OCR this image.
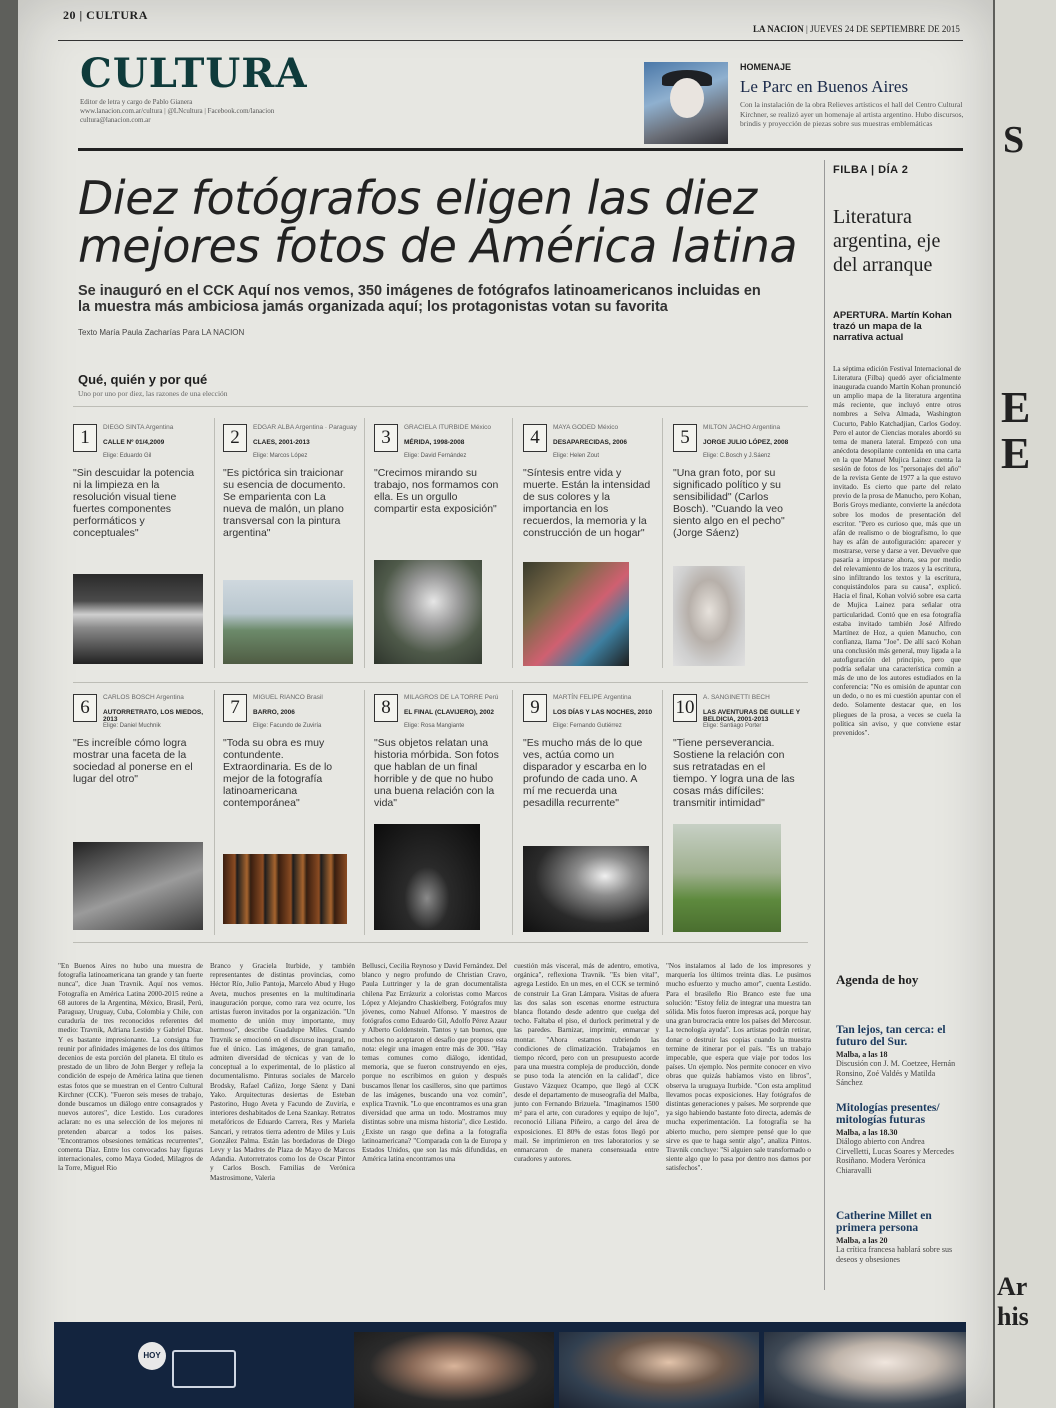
S
E
E
Ar
his
20 | CULTURA
LA NACION | JUEVES 24 DE SEPTIEMBRE DE 2015
CULTURA
Editor de letra y cargo de Pablo Gianera
www.lanacion.com.ar/cultura | @LNcultura | Facebook.com/lanacion
cultura@lanacion.com.ar
HOMENAJE
Le Parc en Buenos Aires
Con la instalación de la obra Relieves artísticos el hall del Centro Cultural Kirchner, se realizó ayer un homenaje al artista argentino. Hubo discursos, brindis y proyección de piezas sobre sus muestras emblemáticas
Diez fotógrafos eligen las diez mejores fotos de América latina
Se inauguró en el CCK Aquí nos vemos, 350 imágenes de fotógrafos latinoamericanos incluidas en la muestra más ambiciosa jamás organizada aquí; los protagonistas votan su favorita
Texto María Paula Zacharías Para LA NACION
Qué, quién y por qué
Uno por uno por diez, las razones de una elección
1	DIEGO SINTA Argentina
CALLE Nº 01/4,2009
Elige: Eduardo Gil
"Sin descuidar la potencia ni la limpieza en la resolución visual tiene fuertes componentes performáticos y conceptuales"
2	EDGAR ALBA Argentina · Paraguay
CLAES, 2001-2013
Elige: Marcos López
"Es pictórica sin traicionar su esencia de documento. Se emparienta con La nueva de malón, un plano transversal con la pintura argentina"
3	GRACIELA ITURBIDE México
MÉRIDA, 1998-2008
Elige: David Fernández
"Crecimos mirando su trabajo, nos formamos con ella. Es un orgullo compartir esta exposición"
4	MAYA GODED México
DESAPARECIDAS, 2006
Elige: Helen Zout
"Síntesis entre vida y muerte. Están la intensidad de sus colores y la importancia en los recuerdos, la memoria y la construcción de un hogar"
5	MILTON JACHO Argentina
JORGE JULIO LÓPEZ, 2008
Elige: C.Bosch y J.Sáenz
"Una gran foto, por su significado político y su sensibilidad" (Carlos Bosch). "Cuando la veo siento algo en el pecho" (Jorge Sáenz)
6	CARLOS BOSCH Argentina
AUTORRETRATO, LOS MIEDOS, 2013
Elige: Daniel Muchnik
"Es increíble cómo logra mostrar una faceta de la sociedad al ponerse en el lugar del otro"
7	MIGUEL RIANCO Brasil
BARRO, 2006
Elige: Facundo de Zuviría
"Toda su obra es muy contundente. Extraordinaria. Es de lo mejor de la fotografía latinoamericana contemporánea"
8	MILAGROS DE LA TORRE Perú
EL FINAL (CLAVIJERO), 2002
Elige: Rosa Mangiante
"Sus objetos relatan una historia mórbida. Son fotos que hablan de un final horrible y de que no hubo una buena relación con la vida"
9	MARTÍN FELIPE Argentina
LOS DÍAS Y LAS NOCHES, 2010
Elige: Fernando Gutiérrez
"Es mucho más de lo que ves, actúa como un disparador y escarba en lo profundo de cada uno. A mí me recuerda una pesadilla recurrente"
10	A. SANGINETTI BECH
LAS AVENTURAS DE GUILLE Y BELDICIA, 2001-2013
Elige: Santiago Porter
"Tiene perseverancia. Sostiene la relación con sus retratadas en el tiempo. Y logra una de las cosas más difíciles: transmitir intimidad"
"En Buenos Aires no hubo una muestra de fotografía latinoamericana tan grande y tan fuerte nunca", dice Juan Travnik. Aquí nos vemos. Fotografía en América Latina 2000-2015 reúne a 68 autores de la Argentina, México, Brasil, Perú, Paraguay, Uruguay, Cuba, Colombia y Chile, con curaduría de tres reconocidos referentes del medio: Travnik, Adriana Lestido y Gabriel Díaz. Y es bastante impresionante. La consigna fue reunir por afinidades imágenes de los dos últimos decenios de esta porción del planeta. El título es prestado de un libro de John Berger y refleja la condición de espejo de América latina que tienen estas fotos que se muestran en el Centro Cultural Kirchner (CCK). "Fueron seis meses de trabajo, donde buscamos un diálogo entre consagrados y nuevos autores", dice Lestido. Los curadores aclaran: no es una selección de los mejores ni pretenden abarcar a todos los países. "Encontramos obsesiones temáticas recurrentes", comenta Díaz. Entre los convocados hay figuras internacionales, como Maya Goded, Milagros de la Torre, Miguel Rio
Branco y Graciela Iturbide, y también representantes de distintas provincias, como Héctor Río, Julio Pantoja, Marcelo Abud y Hugo Aveta, muchos presentes en la multitudinaria inauguración porque, como rara vez ocurre, los artistas fueron invitados por la organización. "Un momento de unión muy importante, muy hermoso", describe Guadalupe Miles. Cuando Travnik se emocionó en el discurso inaugural, no fue el único. Las imágenes, de gran tamaño, admiten diversidad de técnicas y van de lo conceptual a lo experimental, de lo plástico al documentalismo. Pinturas sociales de Marcelo Brodsky, Rafael Cañizo, Jorge Sáenz y Dani Yako. Arquitecturas desiertas de Esteban Pastorino, Hugo Aveta y Facundo de Zuviría, e interiores deshabitados de Lena Szankay. Retratos metafóricos de Eduardo Carrera, Res y Mariela Sancari, y retratos tierra adentro de Miles y Luis González Palma. Están las bordadoras de Diego Levy y las Madres de Plaza de Mayo de Marcos Adandia. Autorretratos como los de Oscar Pintor y Carlos Bosch. Familias de Verónica Mastrosimone, Valeria
Bellusci, Cecilia Reynoso y David Fernández. Del blanco y negro profundo de Christian Cravo, Paula Luttringer y la de gran documentalista chilena Paz Errázuriz a coloristas como Marcos López y Alejandro Chaskielberg. Fotógrafos muy jóvenes, como Nahuel Alfonso. Y maestros de fotógrafos como Eduardo Gil, Adolfo Pérez Azaur y Alberto Goldenstein. Tantos y tan buenos, que muchos no aceptaron el desafío que propuso esta nota: elegir una imagen entre más de 300. "Hay temas comunes como diálogo, identidad, memoria, que se fueron construyendo en ejes, porque no escribimos en guion y después buscamos llenar los casilleros, sino que partimos de las imágenes, buscando una voz común", explica Travnik. "Lo que encontramos es una gran diversidad que arma un todo. Mostramos muy distintas sobre una misma historia", dice Lestido. ¿Existe un rasgo que defina a la fotografía latinoamericana? "Comparada con la de Europa y Estados Unidos, que son las más difundidas, en América latina encontramos una
cuestión más visceral, más de adentro, emotiva, orgánica", reflexiona Travnik. "Es bien vital", agrega Lestido. En un mes, en el CCK se terminó de construir La Gran Lámpara. Visitas de afuera las dos salas son escenas enorme estructura blanca flotando desde adentro que cuelga del techo. Faltaba el piso, el durlock perimetral y de las paredes. Barnizar, imprimir, enmarcar y montar. "Ahora estamos cubriendo las condiciones de climatización. Trabajamos en tiempo récord, pero con un presupuesto acorde para una muestra compleja de producción, donde se puso toda la atención en la calidad", dice Gustavo Vázquez Ocampo, que llegó al CCK desde el departamento de museografía del Malba, junto con Fernando Brizuela. "Imaginamos 1500 m² para el arte, con curadores y equipo de lujo", reconoció Liliana Piñeiro, a cargo del área de exposiciones. El 80% de estas fotos llegó por mail. Se imprimieron en tres laboratorios y se enmarcaron de manera consensuada entre curadores y autores.
"Nos instalamos al lado de los impresores y marquería los últimos treinta días. Le pusimos mucho esfuerzo y mucho amor", cuenta Lestido. Para el brasileño Rio Branco este fue una solución: "Estoy feliz de integrar una muestra tan sólida. Mis fotos fueron impresas acá, porque hay una gran burocracia entre los países del Mercosur. La tecnología ayuda". Los artistas podrán retirar, donar o destruir las copias cuando la muestra termine de itinerar por el país. "Es un trabajo impecable, que espera que viaje por todos los países. Un ejemplo. Nos permite conocer en vivo obras que quizás habíamos visto en libros", observa la uruguaya Iturbide. "Con esta amplitud llevamos pocas exposiciones. Hay fotógrafos de distintas generaciones y países. Me sorprende que ya sigo habiendo bastante foto directa, además de mucha experimentación. La fotografía se ha abierto mucho, pero siempre pensé que lo que sirve es que te haga sentir algo", analiza Pintos. Travnik concluye: "Si alguien sale transformado o siente algo que lo pasa por dentro nos damos por satisfechos".
FILBA | DÍA 2
Literatura argentina, eje del arranque
APERTURA. Martín Kohan trazó un mapa de la narrativa actual
La séptima edición Festival Internacional de Literatura (Filba) quedó ayer oficialmente inaugurada cuando Martín Kohan pronunció un amplio mapa de la literatura argentina más reciente, que incluyó entre otros nombres a Selva Almada, Washington Cucurto, Pablo Katchadjian, Carlos Godoy. Pero el autor de Ciencias morales abordó su tema de manera lateral. Empezó con una anécdota desopilante contenida en una carta en la que Manuel Mujica Lainez cuenta la sesión de fotos de los "personajes del año" de la revista Gente de 1977 a la que estuvo invitado. Es cierto que parte del relato previo de la prosa de Manucho, pero Kohan, Boris Groys mediante, convierte la anécdota sobre los modos de presentación del escritor. "Pero es curioso que, más que un afán de realismo o de biografismo, lo que hay es afán de autofiguración: aparecer y mostrarse, verse y darse a ver. Devuelve que pasaría a impostarse ahora, sea por medio del relevamiento de los trazos y la escritura, sino infiltrando los textos y la escritura, conquistándolos para su causa", explicó. Hacia el final, Kohan volvió sobre esa carta de Mujica Lainez para señalar otra particularidad. Contó que en esa fotografía estaba invitado también José Alfredo Martínez de Hoz, a quien Manucho, con confianza, llama "Joe". De allí sacó Kohan una conclusión más general, muy ligada a la autofiguración del principio, pero que podría señalar una característica común a más de uno de los autores estudiados en la conferencia: "No es omisión de apuntar con un dedo, o no es mi cuestión apuntar con el dedo. Solamente destacar que, en los pliegues de la prosa, a veces se cuela la política sin aviso, y que conviene estar prevenidos".
Agenda de hoy
Tan lejos, tan cerca: el futuro del Sur.
Malba, a las 18
Discusión con J. M. Coetzee, Hernán Ronsino, Zoé Valdés y Matilda Sánchez
Mitologías presentes/ mitologías futuras
Malba, a las 18.30
Diálogo abierto con Andrea Cirvelletti, Lucas Soares y Mercedes Rosiñano. Modera Verónica Chiaravalli
Catherine Millet en primera persona
Malba, a las 20
La crítica francesa hablará sobre sus deseos y obsesiones
HOY
